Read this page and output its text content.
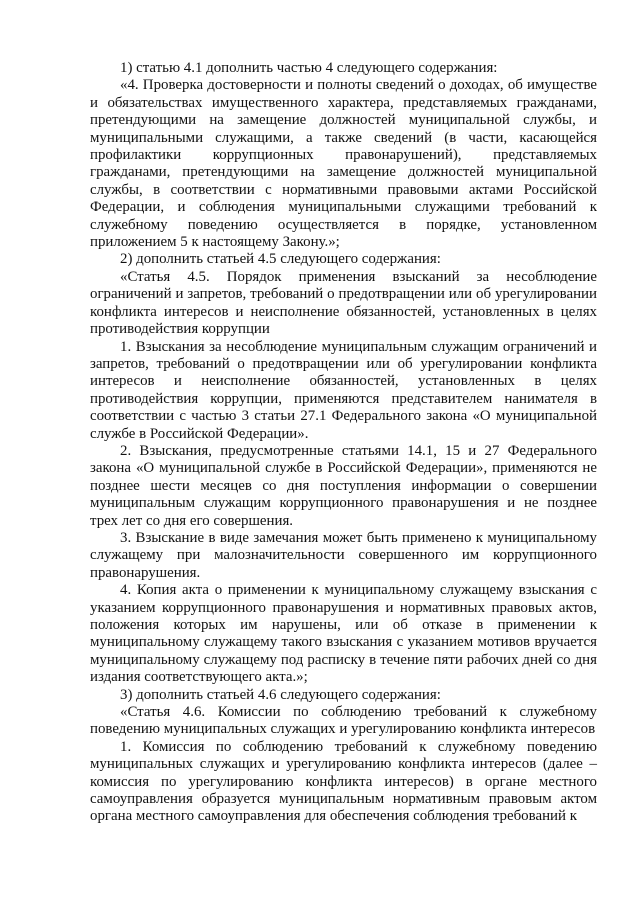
1) статью 4.1 дополнить частью 4 следующего содержания:

«4. Проверка достоверности и полноты сведений о доходах, об имуществе и обязательствах имущественного характера, представляемых гражданами, претендующими на замещение должностей муниципальной службы, и муниципальными служащими, а также сведений (в части, касающейся профилактики коррупционных правонарушений), представляемых гражданами, претендующими на замещение должностей муниципальной службы, в соответствии с нормативными правовыми актами Российской Федерации, и соблюдения муниципальными служащими требований к служебному поведению осуществляется в порядке, установленном приложением 5 к настоящему Закону.»;

2) дополнить статьей 4.5 следующего содержания:

«Статья 4.5. Порядок применения взысканий за несоблюдение ограничений и запретов, требований о предотвращении или об урегулировании конфликта интересов и неисполнение обязанностей, установленных в целях противодействия коррупции

1. Взыскания за несоблюдение муниципальным служащим ограничений и запретов, требований о предотвращении или об урегулировании конфликта интересов и неисполнение обязанностей, установленных в целях противодействия коррупции, применяются представителем нанимателя в соответствии с частью 3 статьи 27.1 Федерального закона «О муниципальной службе в Российской Федерации».

2. Взыскания, предусмотренные статьями 14.1, 15 и 27 Федерального закона «О муниципальной службе в Российской Федерации», применяются не позднее шести месяцев со дня поступления информации о совершении муниципальным служащим коррупционного правонарушения и не позднее трех лет со дня его совершения.

3. Взыскание в виде замечания может быть применено к муниципальному служащему при малозначительности совершенного им коррупционного правонарушения.

4. Копия акта о применении к муниципальному служащему взыскания с указанием коррупционного правонарушения и нормативных правовых актов, положения которых им нарушены, или об отказе в применении к муниципальному служащему такого взыскания с указанием мотивов вручается муниципальному служащему под расписку в течение пяти рабочих дней со дня издания соответствующего акта.»;

3) дополнить статьей 4.6 следующего содержания:

«Статья 4.6. Комиссии по соблюдению требований к служебному поведению муниципальных служащих и урегулированию конфликта интересов

1. Комиссия по соблюдению требований к служебному поведению муниципальных служащих и урегулированию конфликта интересов (далее – комиссия по урегулированию конфликта интересов) в органе местного самоуправления образуется муниципальным нормативным правовым актом органа местного самоуправления для обеспечения соблюдения требований к
